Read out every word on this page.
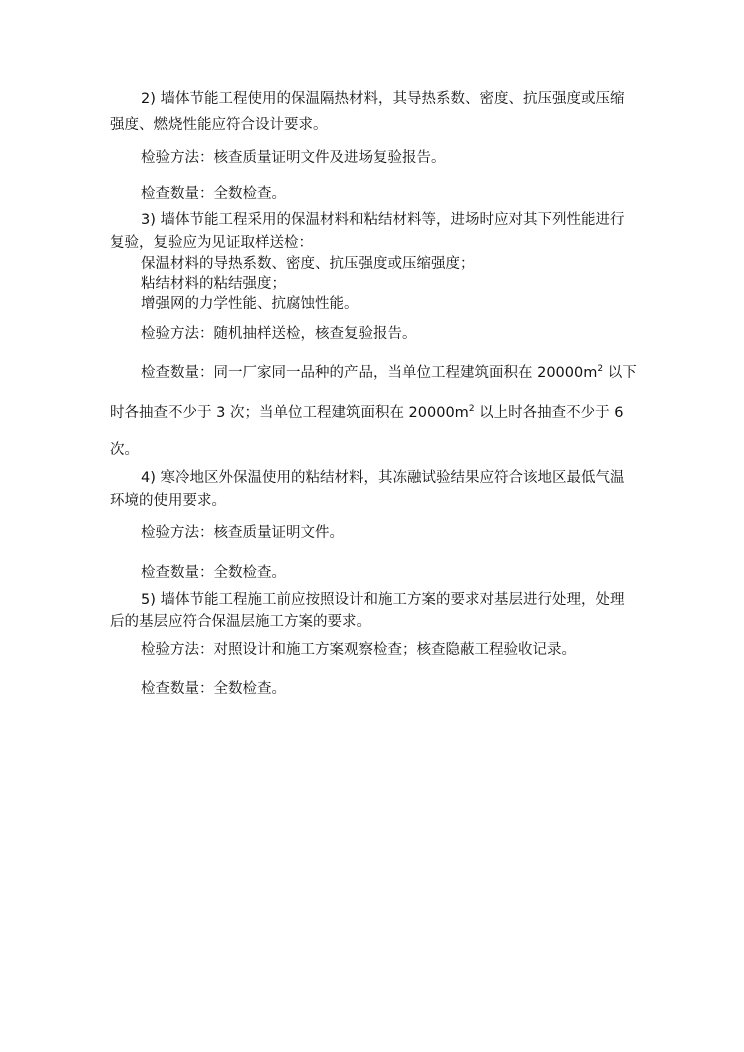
2) 墙体节能工程使用的保温隔热材料，其导热系数、密度、抗压强度或压缩
强度、燃烧性能应符合设计要求。
检验方法：核查质量证明文件及进场复验报告。
检查数量：全数检查。
3) 墙体节能工程采用的保温材料和粘结材料等，进场时应对其下列性能进行
复验，复验应为见证取样送检：
保温材料的导热系数、密度、抗压强度或压缩强度；
粘结材料的粘结强度；
增强网的力学性能、抗腐蚀性能。
检验方法：随机抽样送检，核查复验报告。
检查数量：同一厂家同一品种的产品，当单位工程建筑面积在 $20000m^2$ 以下
时各抽查不少于 3 次；当单位工程建筑面积在 $20000m^2$ 以上时各抽查不少于 6
次。
4) 寒冷地区外保温使用的粘结材料，其冻融试验结果应符合该地区最低气温
环境的使用要求。
检验方法：核查质量证明文件。
检查数量：全数检查。
5) 墙体节能工程施工前应按照设计和施工方案的要求对基层进行处理，处理
后的基层应符合保温层施工方案的要求。
检验方法：对照设计和施工方案观察检查；核查隐蔽工程验收记录。
检查数量：全数检查。
